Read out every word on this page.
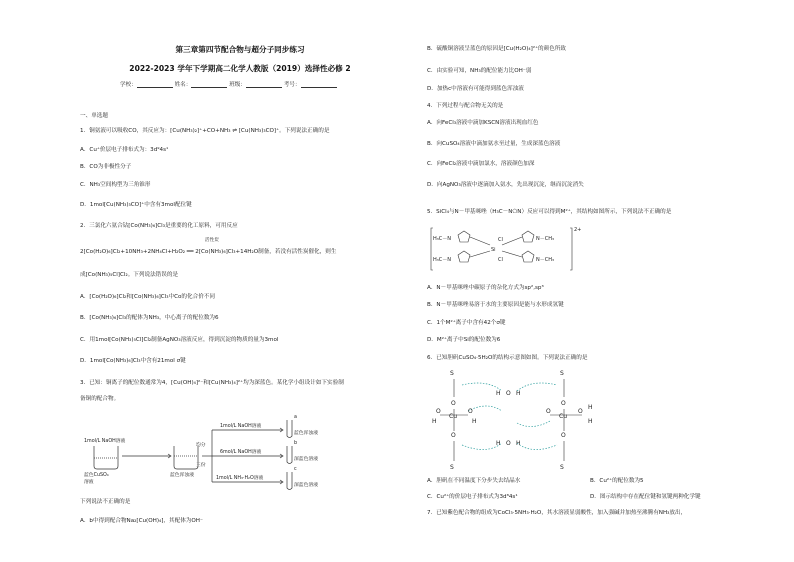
第三章第四节配合物与超分子同步练习
2022-2023 学年下学期高二化学人教版（2019）选择性必修 2
学校：	姓名：	班级：	考号：
一、单选题
1．铜氨液可以吸收CO，其反应为：[Cu(NH₃)₂]⁺+CO+NH₃ ⇌ [Cu(NH₃)₃CO]⁺。下列说法正确的是
A．Cu⁺价层电子排布式为：3d⁹4s¹
B．CO为非极性分子
C．NH₃空间构型为三角锥形
D．1mol[Cu(NH₃)₃CO]⁺中含有3mol配位键
2．三氯化六氨合钴[Co(NH₃)₆]Cl₃是重要的化工原料，可用反应
活性炭
2[Co(H₂O)₆]Cl₂+10NH₃+2NH₄Cl+H₂O₂ ══ 2[Co(NH₃)₆]Cl₃+14H₂O制备，若没有活性炭催化，则生
成[Co(NH₃)₅Cl]Cl₂。下列说法错误的是
A．[Co(H₂O)₆]Cl₂和[Co(NH₃)₆]Cl₃中Co的化合价不同
B．[Co(NH₃)₆]Cl₃的配体为NH₃，中心离子的配位数为6
C．用1mol[Co(NH₃)₅Cl]Cl₂制备AgNO₃溶液反应，得到沉淀的物质的量为3mol
D．1mol[Co(NH₃)₆]Cl₃中含有21mol σ键
3．已知：铜离子的配位数通常为4，[Cu(OH)₄]²⁻和[Cu(NH₃)₄]²⁺均为深蓝色。某化学小组设计如下实验制
备铜的配合物。
1mol/L NaOH溶液
蓝色CuSO₄
溶液
蓝色浑浊液
均分
三份
1mol/L NaOH溶液
6mol/L NaOH溶液
1mol/L NH₃·H₂O溶液
a
b
c
蓝色浑浊液
深蓝色溶液
深蓝色溶液
下列说法不正确的是
A．b中得到配合物Na₂[Cu(OH)₄]，其配体为OH⁻
B．硫酸铜溶液呈蓝色的原因是[Cu(H₂O)₄]²⁺的颜色所致
C．由实验可知，NH₃的配位能力比OH⁻弱
D．加热c中溶液有可能得到蓝色浑浊液
4．下列过程与配合物无关的是
A．向FeCl₃溶液中滴加KSCN溶液出现血红色
B．向CuSO₄溶液中滴加氨水至过量，生成深蓝色溶液
C．向FeCl₂溶液中滴加氯水，溶液颜色加深
D．向AgNO₃溶液中逐滴加入氨水，先出现沉淀，继而沉淀消失
5．SiCl₄与N－甲基咪唑（H₃C－N⬠N）反应可以得到M²⁺，其结构如图所示，下列说法不正确的是
H₃C－N
H₃C－N
N－CH₃
N－CH₃
Si
Cl
Cl
2+
A．N－甲基咪唑中碳原子的杂化方式为sp²,sp³
B．N－甲基咪唑易溶于水的主要原因是能与水形成氢键
C．1个M²⁺离子中含有42个σ键
D．M²⁺离子中Si的配位数为6
6．已知胆矾CuSO₄·5H₂O的结构示意图如图。下列说法正确的是
S	S
S	S
Cu	Cu
O
O
O	O
O
O
O	O
O
O
H	H
H
H
H	H
H	H
A．胆矾在不同温度下分步失去结晶水	B．Cu²⁺的配位数为5
C．Cu²⁺的价层电子排布式为3d⁸4s¹	D．图示结构中存在配位键和氢键两种化学键
7．已知紫色配合物的组成为CoCl₃·5NH₃·H₂O，其水溶液显弱酸性，加入强碱并加热至沸腾有NH₃放出，
